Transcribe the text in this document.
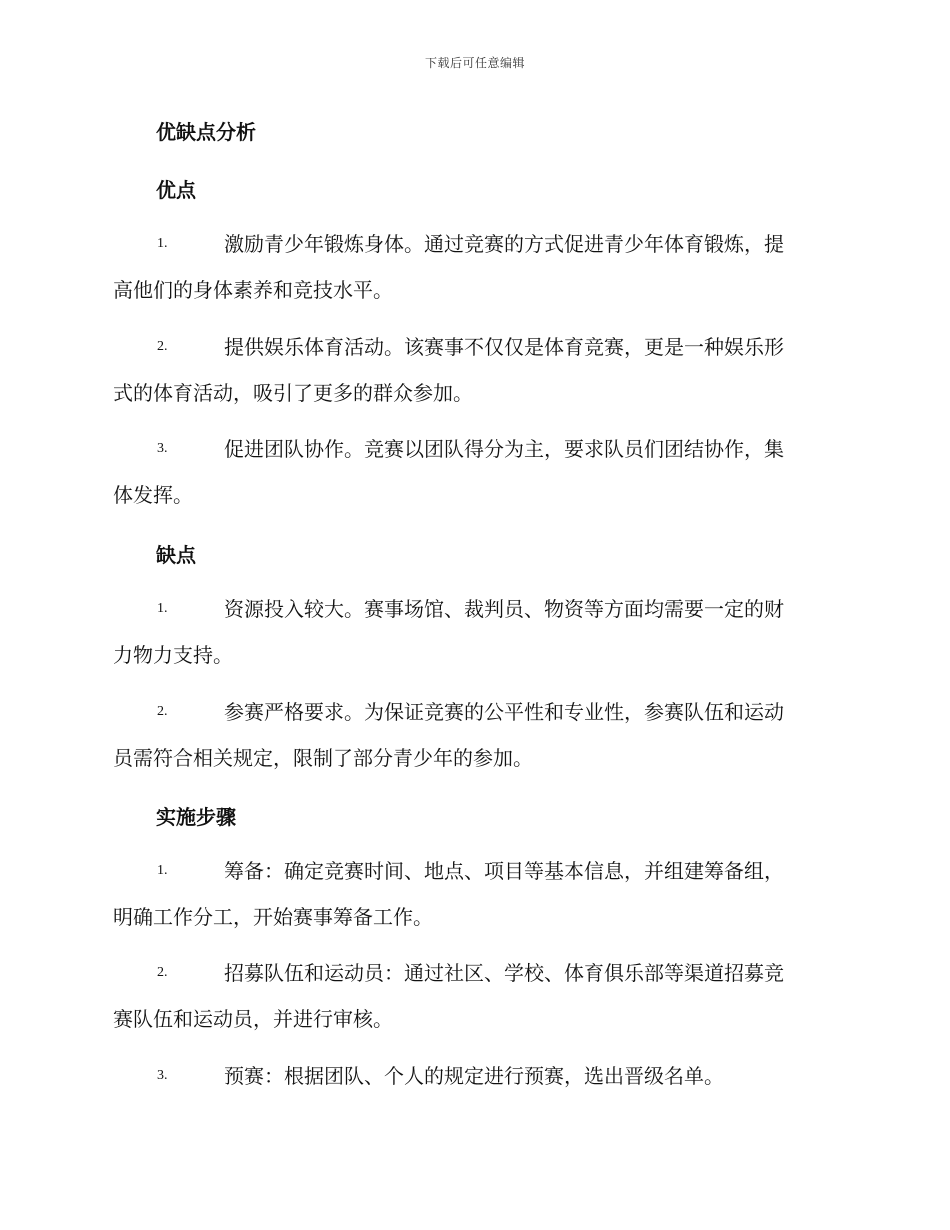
下载后可任意编辑
优缺点分析
优点
1.	激励青少年锻炼身体。通过竞赛的方式促进青少年体育锻炼，提
高他们的身体素养和竞技水平。
2.	提供娱乐体育活动。该赛事不仅仅是体育竞赛，更是一种娱乐形
式的体育活动，吸引了更多的群众参加。
3.	促进团队协作。竞赛以团队得分为主，要求队员们团结协作，集
体发挥。
缺点
1.	资源投入较大。赛事场馆、裁判员、物资等方面均需要一定的财
力物力支持。
2.	参赛严格要求。为保证竞赛的公平性和专业性，参赛队伍和运动
员需符合相关规定，限制了部分青少年的参加。
实施步骤
1.	筹备：确定竞赛时间、地点、项目等基本信息，并组建筹备组，
明确工作分工，开始赛事筹备工作。
2.	招募队伍和运动员：通过社区、学校、体育俱乐部等渠道招募竞
赛队伍和运动员，并进行审核。
3.	预赛：根据团队、个人的规定进行预赛，选出晋级名单。
